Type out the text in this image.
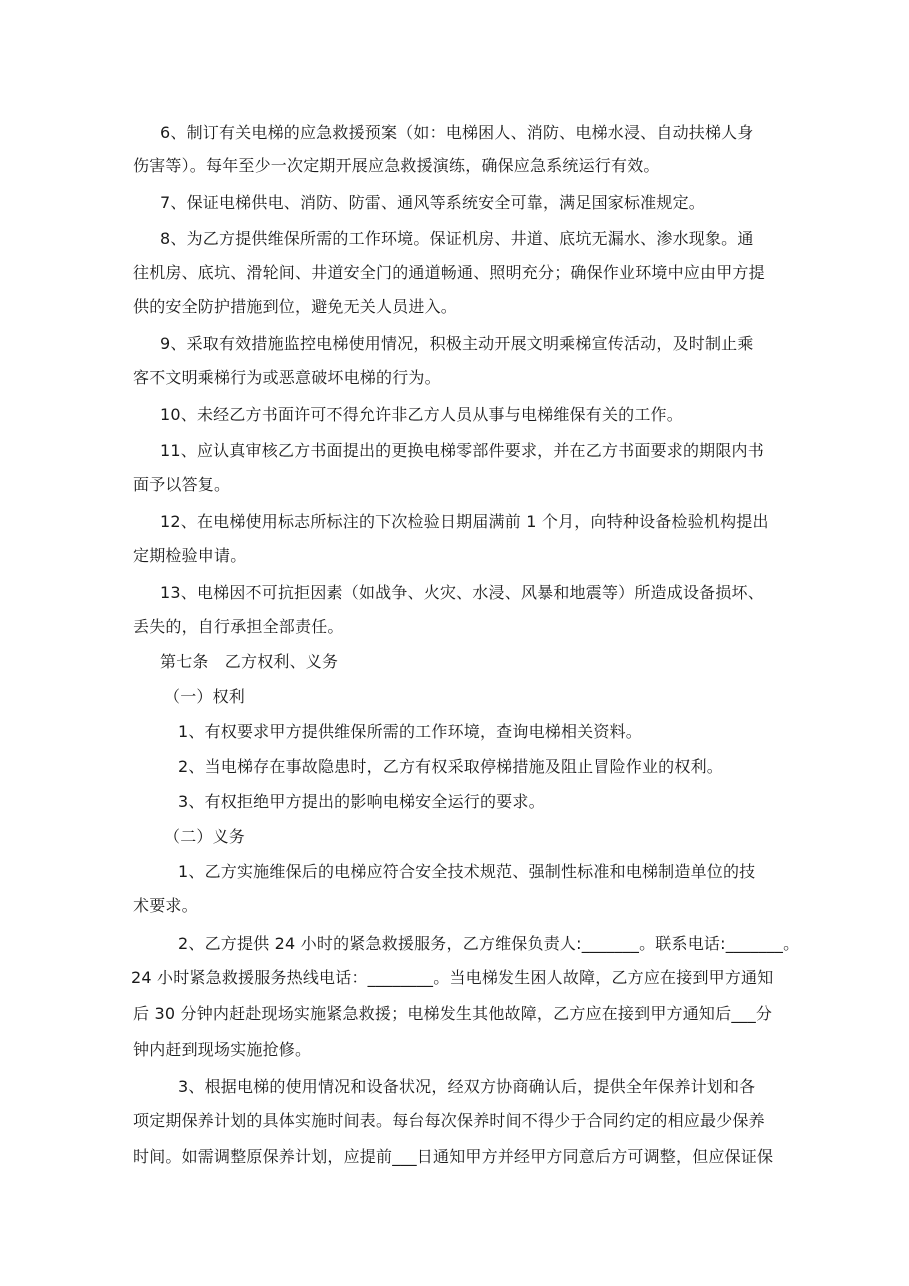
6、制订有关电梯的应急救援预案（如：电梯困人、消防、电梯水浸、自动扶梯人身
伤害等）。每年至少一次定期开展应急救援演练，确保应急系统运行有效。
7、保证电梯供电、消防、防雷、通风等系统安全可靠，满足国家标准规定。
8、为乙方提供维保所需的工作环境。保证机房、井道、底坑无漏水、渗水现象。通
往机房、底坑、滑轮间、井道安全门的通道畅通、照明充分；确保作业环境中应由甲方提
供的安全防护措施到位，避免无关人员进入。
9、采取有效措施监控电梯使用情况，积极主动开展文明乘梯宣传活动，及时制止乘
客不文明乘梯行为或恶意破坏电梯的行为。
10、未经乙方书面许可不得允许非乙方人员从事与电梯维保有关的工作。
11、应认真审核乙方书面提出的更换电梯零部件要求，并在乙方书面要求的期限内书
面予以答复。
12、在电梯使用标志所标注的下次检验日期届满前 1 个月，向特种设备检验机构提出
定期检验申请。
13、电梯因不可抗拒因素（如战争、火灾、水浸、风暴和地震等）所造成设备损坏、
丢失的，自行承担全部责任。
第七条　乙方权利、义务
（一）权利
1、有权要求甲方提供维保所需的工作环境，查询电梯相关资料。
2、当电梯存在事故隐患时，乙方有权采取停梯措施及阻止冒险作业的权利。
3、有权拒绝甲方提出的影响电梯安全运行的要求。
（二）义务
1、乙方实施维保后的电梯应符合安全技术规范、强制性标准和电梯制造单位的技
术要求。
2、乙方提供 24 小时的紧急救援服务，乙方维保负责人:_______。联系电话:_______。
24 小时紧急救援服务热线电话：________。当电梯发生困人故障，乙方应在接到甲方通知
后 30 分钟内赶赴现场实施紧急救援；电梯发生其他故障，乙方应在接到甲方通知后___分
钟内赶到现场实施抢修。
3、根据电梯的使用情况和设备状况，经双方协商确认后，提供全年保养计划和各
项定期保养计划的具体实施时间表。每台每次保养时间不得少于合同约定的相应最少保养
时间。如需调整原保养计划，应提前___日通知甲方并经甲方同意后方可调整，但应保证保
